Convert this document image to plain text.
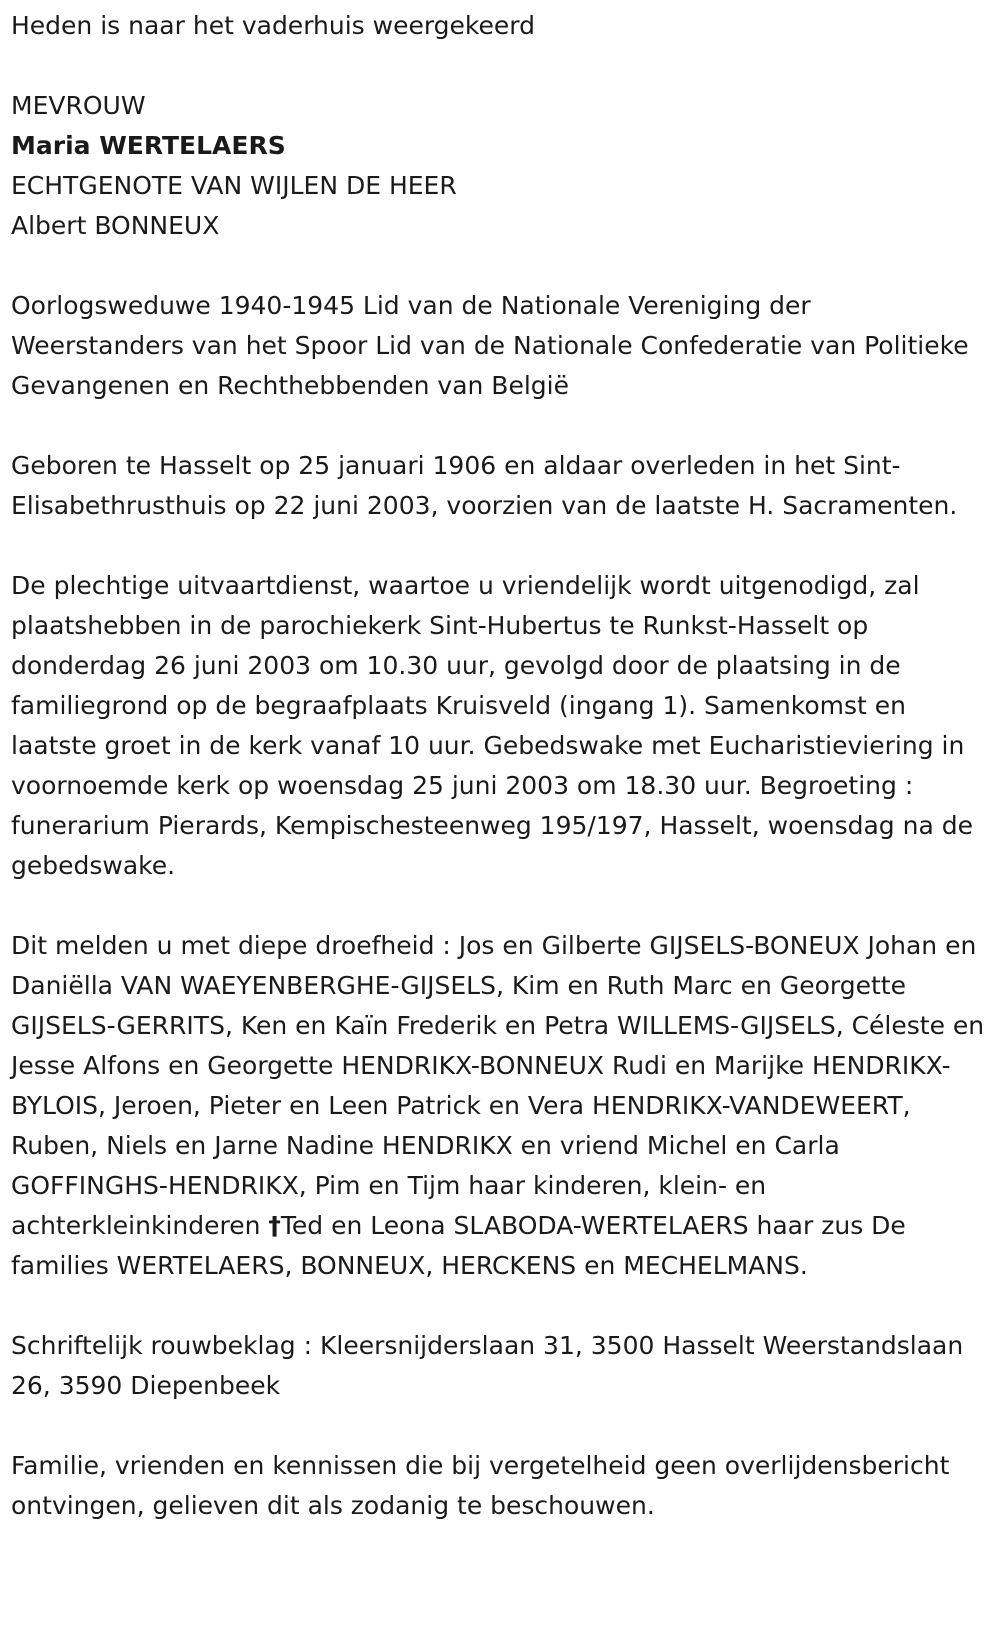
Heden is naar het vaderhuis weergekeerd

MEVROUW

Maria WERTELAERS

ECHTGENOTE VAN WIJLEN DE HEER

Albert BONNEUX

Oorlogsweduwe 1940-1945 Lid van de Nationale Vereniging der Weerstanders van het Spoor Lid van de Nationale Confederatie van Politieke Gevangenen en Rechthebbenden van België

Geboren te Hasselt op 25 januari 1906 en aldaar overleden in het Sint-Elisabethrusthuis op 22 juni 2003, voorzien van de laatste H. Sacramenten.

De plechtige uitvaartdienst, waartoe u vriendelijk wordt uitgenodigd, zal plaatshebben in de parochiekerk Sint-Hubertus te Runkst-Hasselt op donderdag 26 juni 2003 om 10.30 uur, gevolgd door de plaatsing in de familiegrond op de begraafplaats Kruisveld (ingang 1). Samenkomst en laatste groet in de kerk vanaf 10 uur. Gebedswake met Eucharistieviering in voornoemde kerk op woensdag 25 juni 2003 om 18.30 uur. Begroeting : funerarium Pierards, Kempischesteenweg 195/197, Hasselt, woensdag na de gebedswake.

Dit melden u met diepe droefheid : Jos en Gilberte GIJSELS-BONEUX Johan en Daniëlla VAN WAEYENBERGHE-GIJSELS, Kim en Ruth Marc en Georgette GIJSELS-GERRITS, Ken en Kaïn Frederik en Petra WILLEMS-GIJSELS, Céleste en Jesse Alfons en Georgette HENDRIKX-BONNEUX Rudi en Marijke HENDRIKX-BYLOIS, Jeroen, Pieter en Leen Patrick en Vera HENDRIKX-VANDEWEERT, Ruben, Niels en Jarne Nadine HENDRIKX en vriend Michel en Carla GOFFINGHS-HENDRIKX, Pim en Tijm haar kinderen, klein- en achterkleinkinderen †Ted en Leona SLABODA-WERTELAERS haar zus De families WERTELAERS, BONNEUX, HERCKENS en MECHELMANS.

Schriftelijk rouwbeklag : Kleersnijderslaan 31, 3500 Hasselt Weerstandslaan 26, 3590 Diepenbeek

Familie, vrienden en kennissen die bij vergetelheid geen overlijdensbericht ontvingen, gelieven dit als zodanig te beschouwen.
